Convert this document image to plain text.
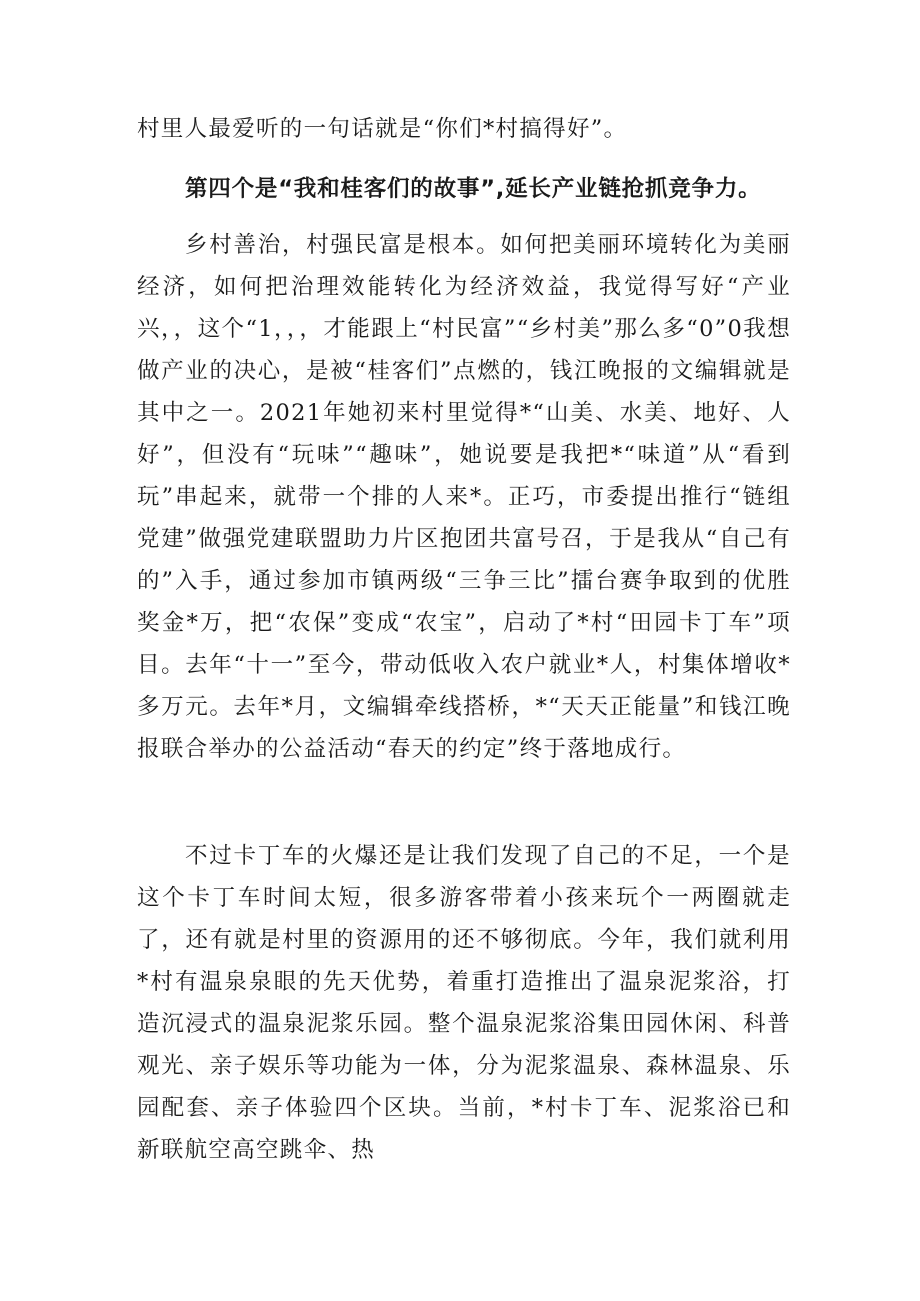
村里人最爱听的一句话就是“你们*村搞得好”。

第四个是“我和桂客们的故事”,延长产业链抢抓竞争力。

乡村善治，村强民富是根本。如何把美丽环境转化为美丽经济，如何把治理效能转化为经济效益，我觉得写好“产业兴，，这个“1，，，才能跟上“村民富”“乡村美”那么多“0”0我想做产业的决心，是被“桂客们”点燃的，钱江晚报的文编辑就是其中之一。2021年她初来村里觉得*“山美、水美、地好、人好”，但没有“玩味”“趣味”，她说要是我把*“味道”从“看到玩”串起来，就带一个排的人来*。正巧，市委提出推行“链组党建”做强党建联盟助力片区抱团共富号召，于是我从“自己有的”入手，通过参加市镇两级“三争三比”擂台赛争取到的优胜奖金*万，把“农保”变成“农宝”，启动了*村“田园卡丁车”项目。去年“十一”至今，带动低收入农户就业*人，村集体增收*多万元。去年*月，文编辑牵线搭桥，*“天天正能量”和钱江晚报联合举办的公益活动“春天的约定”终于落地成行。

不过卡丁车的火爆还是让我们发现了自己的不足，一个是这个卡丁车时间太短，很多游客带着小孩来玩个一两圈就走了，还有就是村里的资源用的还不够彻底。今年，我们就利用*村有温泉泉眼的先天优势，着重打造推出了温泉泥浆浴，打造沉浸式的温泉泥浆乐园。整个温泉泥浆浴集田园休闲、科普观光、亲子娱乐等功能为一体，分为泥浆温泉、森林温泉、乐园配套、亲子体验四个区块。当前，*村卡丁车、泥浆浴已和新联航空高空跳伞、热
